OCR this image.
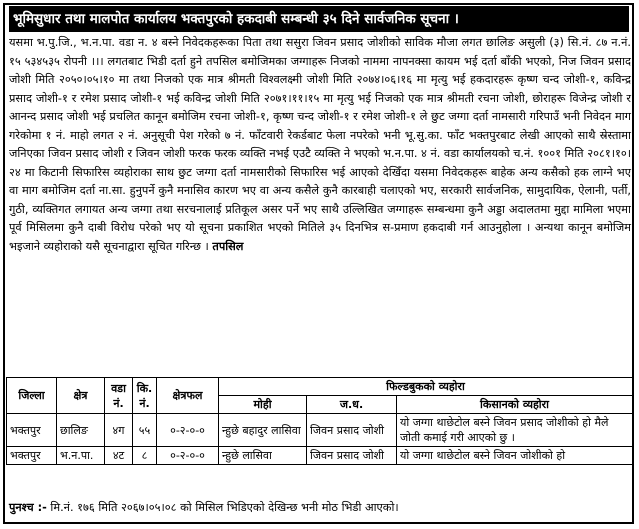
भूमिसुधार तथा मालपोत कार्यालय भक्तपुरको हकदाबी सम्बन्धी ३५ दिने सार्वजनिक सूचना ।
यसमा भ.पु.जि., भ.न.पा. वडा न. ४ बस्ने निवेदकहरूका पिता तथा ससुरा जिवन प्रसाद जोशीको साविक मौजा लगत छालिङ असुली (३) सि.नं. ८७ न.नं. १५ ५३४५३५ रोपनी ।।। लगतबाट भिडी दर्ता हुने तपसिल बमोजिमका जग्गाहरू निजको नाममा नापनक्सा कायम भई दर्ता बाँकी भएको, निज जिवन प्रसाद जोशी मिति २०५०।०५।१० मा तथा निजको एक मात्र श्रीमती विश्वलक्ष्मी जोशी मिति २०७४।०६।१६ मा मृत्यु भई हकदारहरू कृष्ण चन्द जोशी-१, कविन्द्र प्रसाद जोशी-१ र रमेश प्रसाद जोशी-१ भई कविन्द्र जोशी मिति २०७१।११।१५ मा मृत्यु भई निजको एक मात्र श्रीमती रचना जोशी, छोराहरू विजेन्द्र जोशी र आनन्द प्रसाद जोशी भई प्रचलित कानून बमोजिम रचना जोशी-१, कृष्ण चन्द जोशी-१ र रमेश जोशी-१ ले छुट जग्गा दर्ता नामसारी गरिपाउँ भनी निवेदन माग गरेकोमा १ नं. माहो लगत २ नं. अनुसूची पेश गरेको ७ नं. फाँटवारी रेकर्डबाट फेला नपरेको भनी भू.सु.का. फाँट भक्तपुरबाट लेखी आएको साथै स्रेस्तामा जनिएका जिवन प्रसाद जोशी र जिवन जोशी फरक फरक व्यक्ति नभई एउटै व्यक्ति ने भएको भ.न.पा. ४ नं. वडा कार्यालयको च.नं. १००१ मिति २०८१।१०।२४ मा किटानी सिफारिस व्यहोराका साथ छुट जग्गा दर्ता नामसारीको सिफारिस भई आएको देखिँदा यसमा निवेदकहरू बाहेक अन्य कसैको हक लाग्ने भए वा माग बमोजिम दर्ता ना.सा. हुनुपर्ने कुनै मनासिव कारण भए वा अन्य कसैले कुनै कारबाही चलाएको भए, सरकारी सार्वजनिक, सामुदायिक, ऐलानी, पर्ती, गुठी, व्यक्तिगत लगायत अन्य जग्गा तथा सरचनालाई प्रतिकूल असर पर्ने भए साथै उल्लिखित जग्गाहरू सम्बन्धमा कुनै अड्डा अदालतमा मुद्दा मामिला भएमा पूर्व मिसिलमा कुनै दाबी विरोध परेको भए यो सूचना प्रकाशित भएको मितिले ३५ दिनभित्र स-प्रमाण हकदाबी गर्न आउनुहोला । अन्यथा कानून बमोजिम भइजाने व्यहोराको यसै सूचनाद्वारा सूचित गरिन्छ । तपसिल
जिल्ला	क्षेत्र	वडा नं.	कि. नं.	क्षेत्रफल	फिल्डबुकको व्यहोरा		
					मोही	ज.ध.	किसानको व्यहोरा
भक्तपुर	छालिङ	४ग	५५	०-२-०-०	न्हुछे बहादुर लासिवा	जिवन प्रसाद जोशी	यो जग्गा थाछेटोल बस्ने जिवन प्रसाद जोशीको हो मैले जोती कमाई गरी आएको छु ।
भक्तपुर	भ.न.पा.	४ट	८	०-२-०-०	न्हुछे लासिवा	जिवन प्रसाद जोशी	यो जग्गा थाछेटोल बस्ने जिवन जोशीको हो
पुनश्च :- मि.नं. १७६ मिति २०६७।०५।०८ को मिसिल भिडिएको देखिन्छ भनी मोठ भिडी आएको।
